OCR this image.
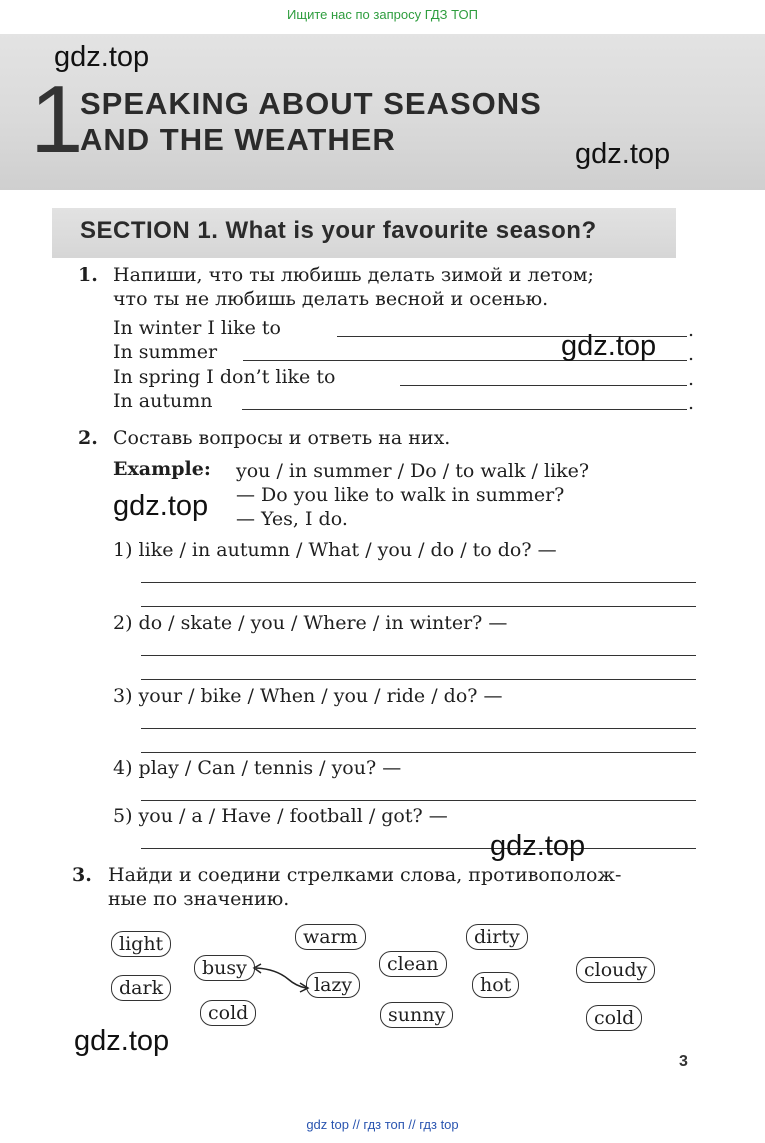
Ищите нас по запросу ГДЗ ТОП
1
SPEAKING ABOUT SEASONS
AND THE WEATHER
gdz.top
gdz.top
SECTION 1. What is your favourite season?
1. Напиши, что ты любишь делать зимой и летом;
что ты не любишь делать весной и осенью.
In winter I like to	.
In summer	.
In spring I don’t like to	.
In autumn	.
gdz.top
2. Составь вопросы и ответь на них.
Example: you / in summer / Do / to walk / like?
— Do you like to walk in summer?
— Yes, I do.
gdz.top
1) like / in autumn / What / you / do / to do? —
2) do / skate / you / Where / in winter? —
3) your / bike / When / you / ride / do? —
4) play / Can / tennis / you? —
5) you / a / Have / football / got? —
gdz.top
3. Найди и соедини стрелками слова, противополож-
ные по значению.
light
dark
busy
cold
warm
lazy
sunny
clean
dirty
hot
cloudy
cold
gdz.top
3
gdz top // гдз топ // гдз top
